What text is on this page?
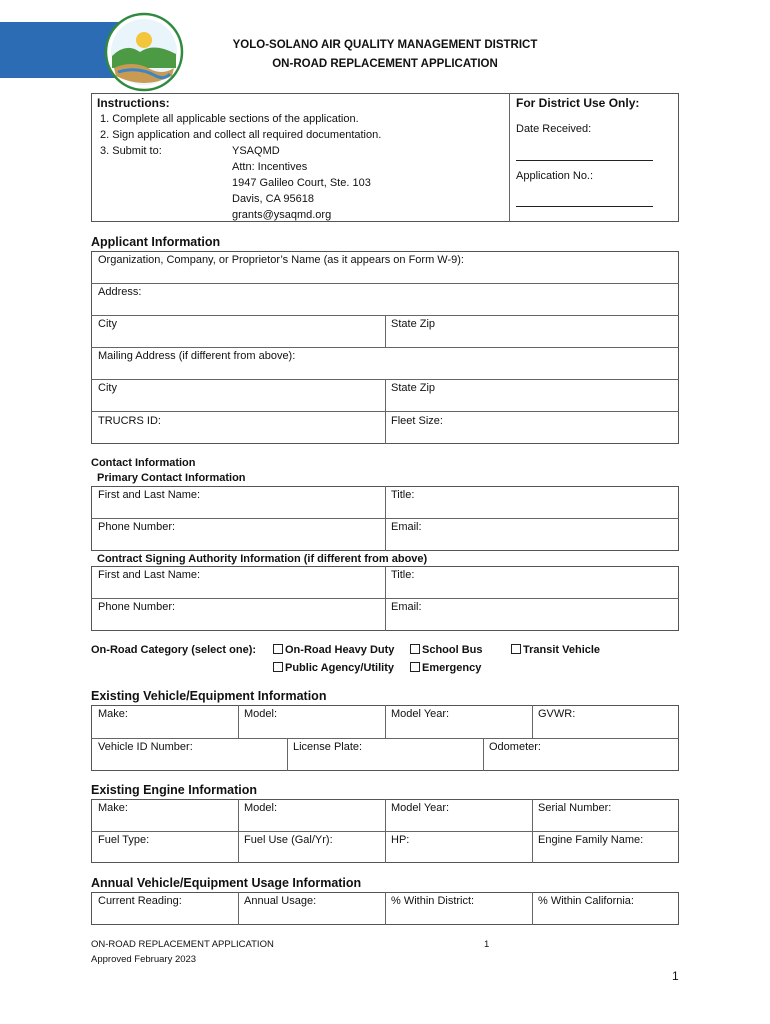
YOLO-SOLANO AIR QUALITY MANAGEMENT DISTRICT
ON-ROAD REPLACEMENT APPLICATION
Instructions:
1. Complete all applicable sections of the application.
2. Sign application and collect all required documentation.
3. Submit to:	YSAQMD
Attn: Incentives
1947 Galileo Court, Ste. 103
Davis, CA 95618
grants@ysaqmd.org
For District Use Only:
Date Received:
Application No.:
Applicant Information
Organization, Company, or Proprietor’s Name (as it appears on Form W-9):
Address:
City	State Zip
Mailing Address (if different from above):
City	State Zip
TRUCRS ID:	Fleet Size:
Contact Information
Primary Contact Information
First and Last Name:	Title:
Phone Number:	Email:
Contract Signing Authority Information (if different from above)
First and Last Name:	Title:
Phone Number:	Email:
On-Road Category (select one):	On-Road Heavy Duty	School Bus	Transit Vehicle
Public Agency/Utility	Emergency
Existing Vehicle/Equipment Information
Make:	Model:	Model Year:	GVWR:
Vehicle ID Number:	License Plate:	Odometer:
Existing Engine Information
Make:	Model:	Model Year:	Serial Number:
Fuel Type:	Fuel Use (Gal/Yr):	HP:	Engine Family Name:
Annual Vehicle/Equipment Usage Information
Current Reading:	Annual Usage:	% Within District:	% Within California:
ON-ROAD REPLACEMENT APPLICATION
Approved February 2023
1
1
